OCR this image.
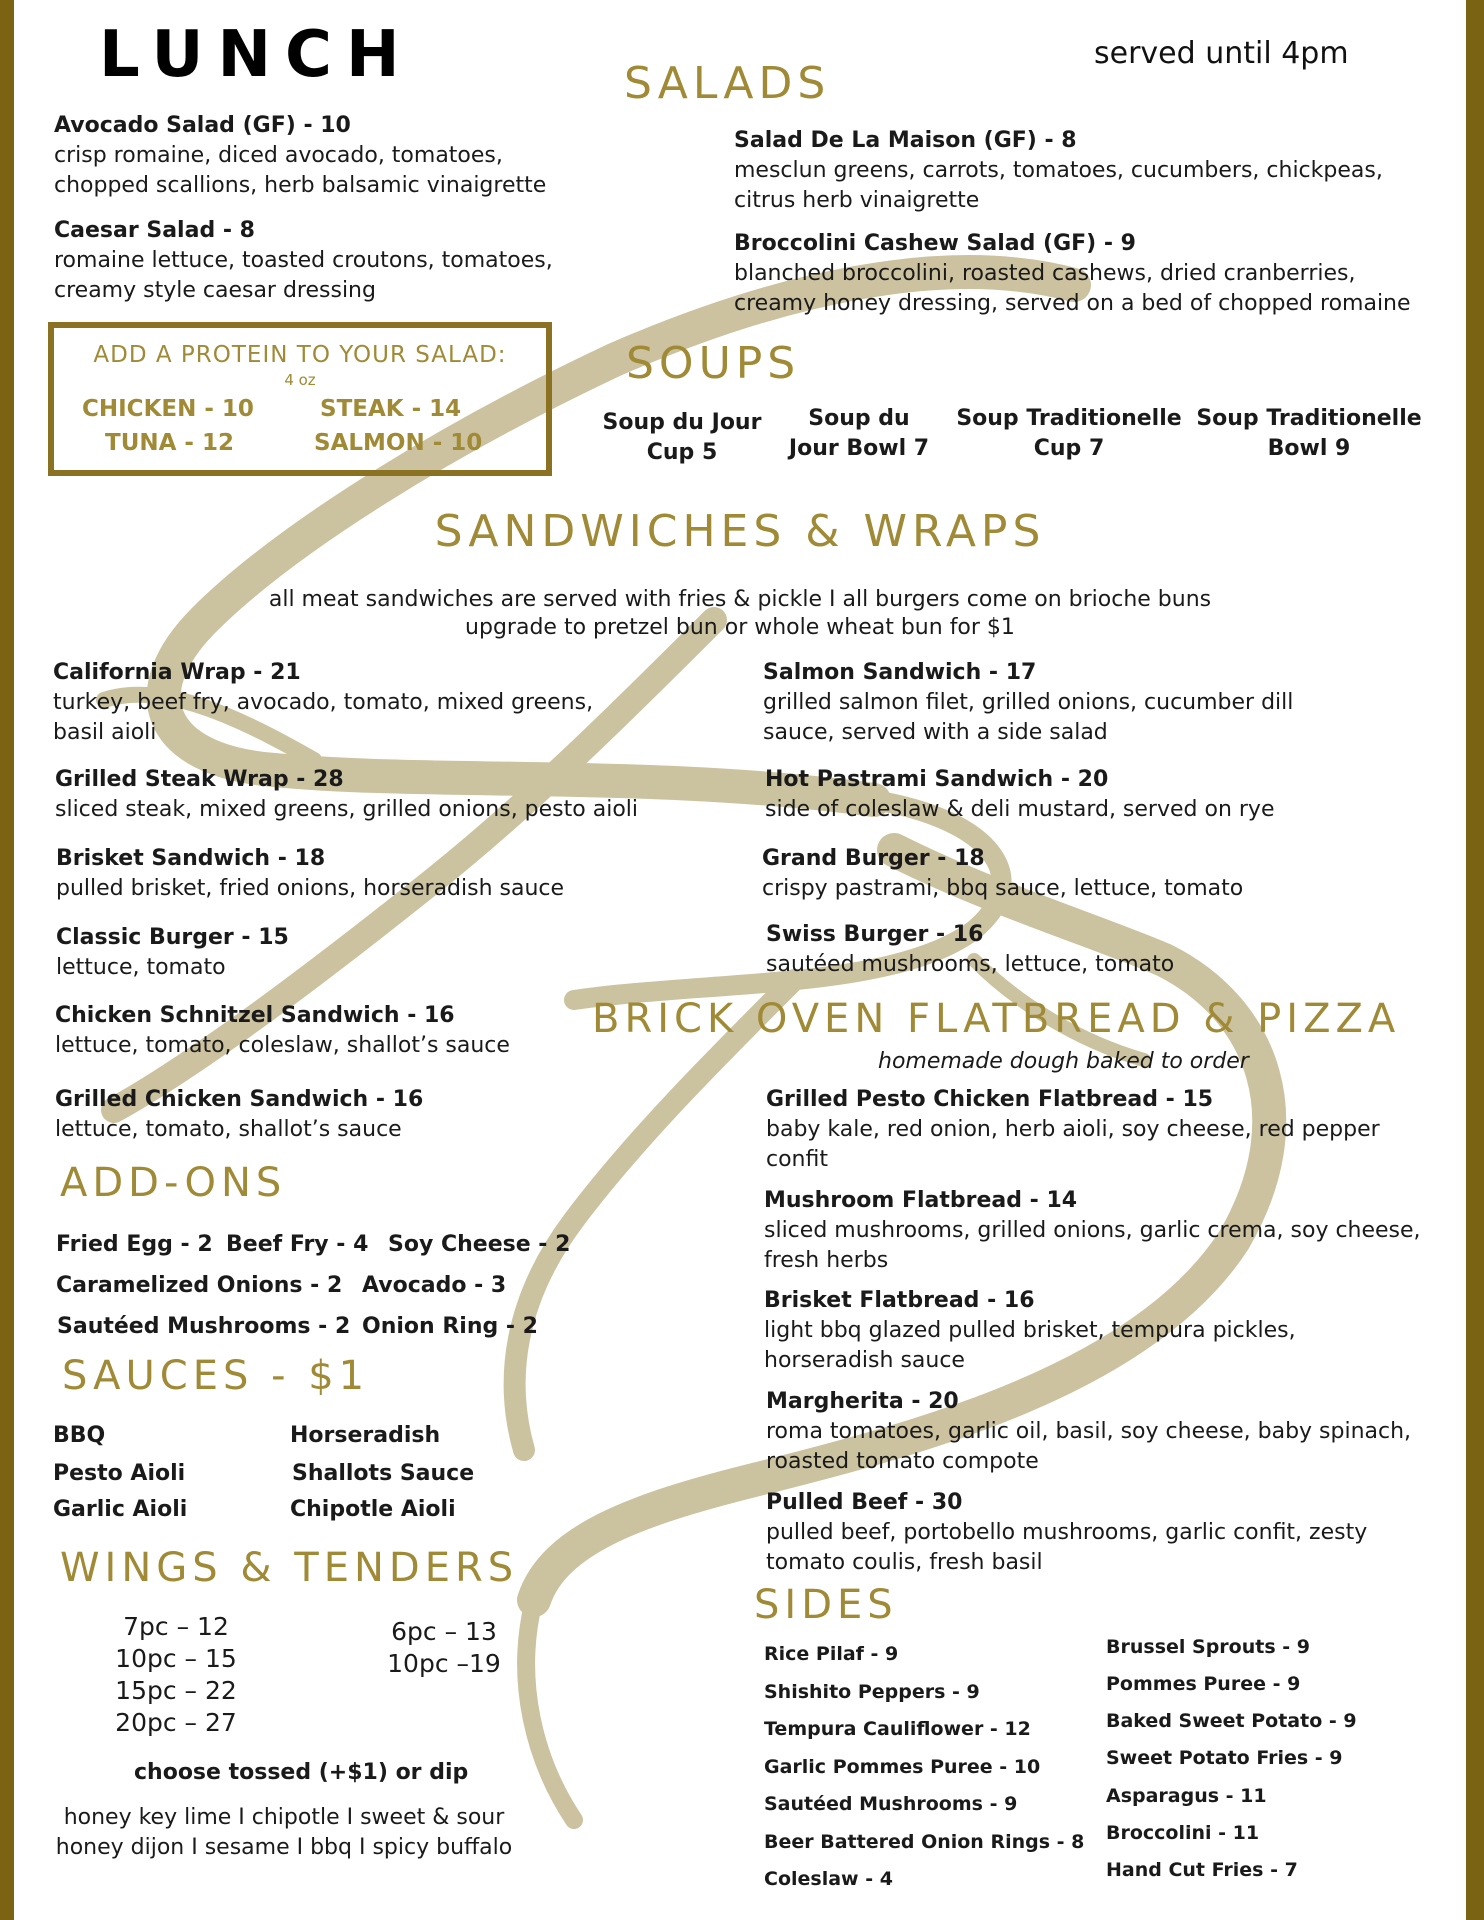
LUNCH	served until 4pm
SALADS
Avocado Salad (GF) - 10
crisp romaine, diced avocado, tomatoes,
chopped scallions, herb balsamic vinaigrette
Caesar Salad - 8
romaine lettuce, toasted croutons, tomatoes,
creamy style caesar dressing
Salad De La Maison (GF) - 8
mesclun greens, carrots, tomatoes, cucumbers, chickpeas,
citrus herb vinaigrette
Broccolini Cashew Salad (GF) - 9
blanched broccolini, roasted cashews, dried cranberries,
creamy honey dressing, served on a bed of chopped romaine
ADD A PROTEIN TO YOUR SALAD:
4 oz
CHICKEN - 10	STEAK - 14
TUNA - 12	SALMON - 10
SOUPS
Soup du Jour
Cup 5
Soup du
Jour Bowl 7
Soup Traditionelle
Cup 7
Soup Traditionelle
Bowl 9
SANDWICHES & WRAPS
all meat sandwiches are served with fries & pickle I all burgers come on brioche buns
upgrade to pretzel bun or whole wheat bun for $1
California Wrap - 21
turkey, beef fry, avocado, tomato, mixed greens,
basil aioli
Grilled Steak Wrap - 28
sliced steak, mixed greens, grilled onions, pesto aioli
Brisket Sandwich - 18
pulled brisket, fried onions, horseradish sauce
Classic Burger - 15
lettuce, tomato
Chicken Schnitzel Sandwich - 16
lettuce, tomato, coleslaw, shallot’s sauce
Grilled Chicken Sandwich - 16
lettuce, tomato, shallot’s sauce
Salmon Sandwich - 17
grilled salmon filet, grilled onions, cucumber dill
sauce, served with a side salad
Hot Pastrami Sandwich - 20
side of coleslaw & deli mustard, served on rye
Grand Burger - 18
crispy pastrami, bbq sauce, lettuce, tomato
Swiss Burger - 16
sautéed mushrooms, lettuce, tomato
BRICK OVEN FLATBREAD & PIZZA
homemade dough baked to order
Grilled Pesto Chicken Flatbread - 15
baby kale, red onion, herb aioli, soy cheese, red pepper
confit
Mushroom Flatbread - 14
sliced mushrooms, grilled onions, garlic crema, soy cheese,
fresh herbs
Brisket Flatbread - 16
light bbq glazed pulled brisket, tempura pickles,
horseradish sauce
Margherita - 20
roma tomatoes, garlic oil, basil, soy cheese, baby spinach,
roasted tomato compote
Pulled Beef - 30
pulled beef, portobello mushrooms, garlic confit, zesty
tomato coulis, fresh basil
ADD-ONS
Fried Egg - 2 Beef Fry - 4 Soy Cheese - 2
Caramelized Onions - 2 Avocado - 3
Sautéed Mushrooms - 2 Onion Ring - 2
SAUCES - $1
BBQ	Horseradish
Pesto Aioli	Shallots Sauce
Garlic Aioli	Chipotle Aioli
WINGS & TENDERS
7pc – 12
10pc – 15
15pc – 22
20pc – 27
6pc – 13
10pc –19
choose tossed (+$1) or dip
honey key lime I chipotle I sweet & sour
honey dijon I sesame I bbq I spicy buffalo
SIDES
Rice Pilaf - 9
Shishito Peppers - 9
Tempura Cauliflower - 12
Garlic Pommes Puree - 10
Sautéed Mushrooms - 9
Beer Battered Onion Rings - 8
Coleslaw - 4
Brussel Sprouts - 9
Pommes Puree - 9
Baked Sweet Potato - 9
Sweet Potato Fries - 9
Asparagus - 11
Broccolini - 11
Hand Cut Fries - 7
